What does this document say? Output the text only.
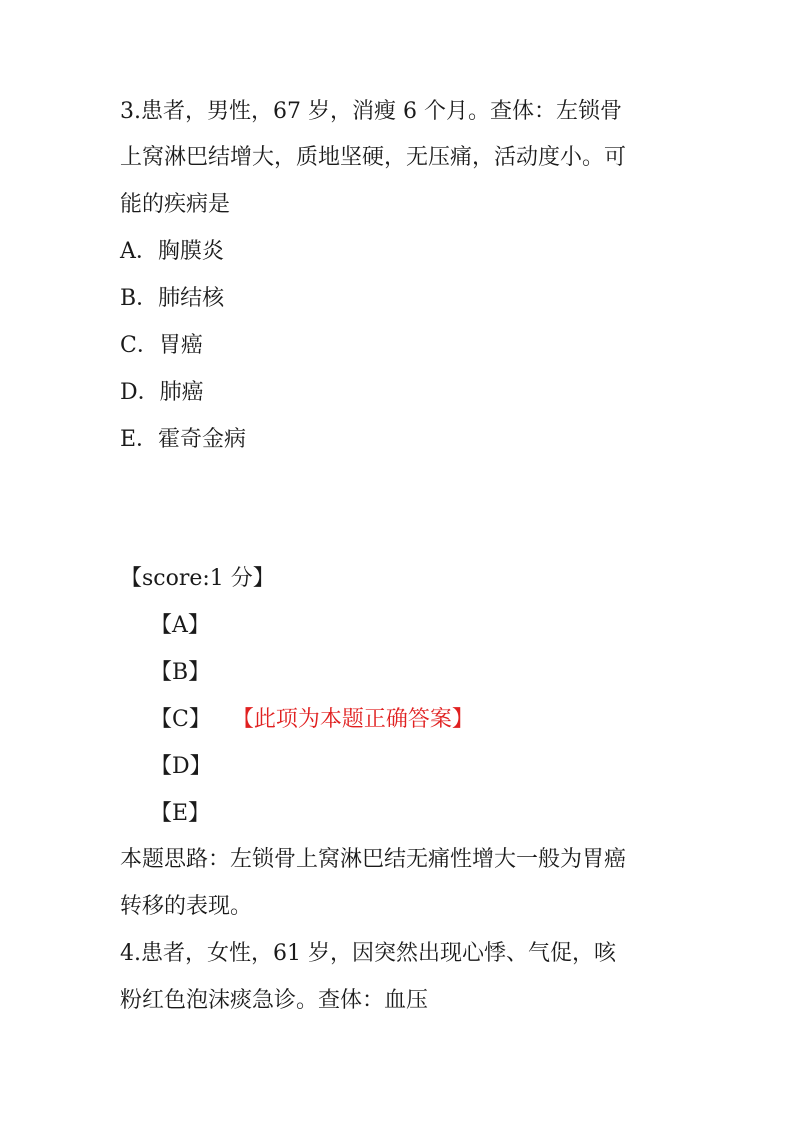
3.患者，男性，67 岁，消瘦 6 个月。查体：左锁骨
上窝淋巴结增大，质地坚硬，无压痛，活动度小。可
能的疾病是
A．胸膜炎
B．肺结核
C．胃癌
D．肺癌
E．霍奇金病
【score:1 分】
【A】
【B】
【C】 【此项为本题正确答案】
【D】
【E】
本题思路：左锁骨上窝淋巴结无痛性增大一般为胃癌
转移的表现。
4.患者，女性，61 岁，因突然出现心悸、气促，咳
粉红色泡沫痰急诊。查体：血压
